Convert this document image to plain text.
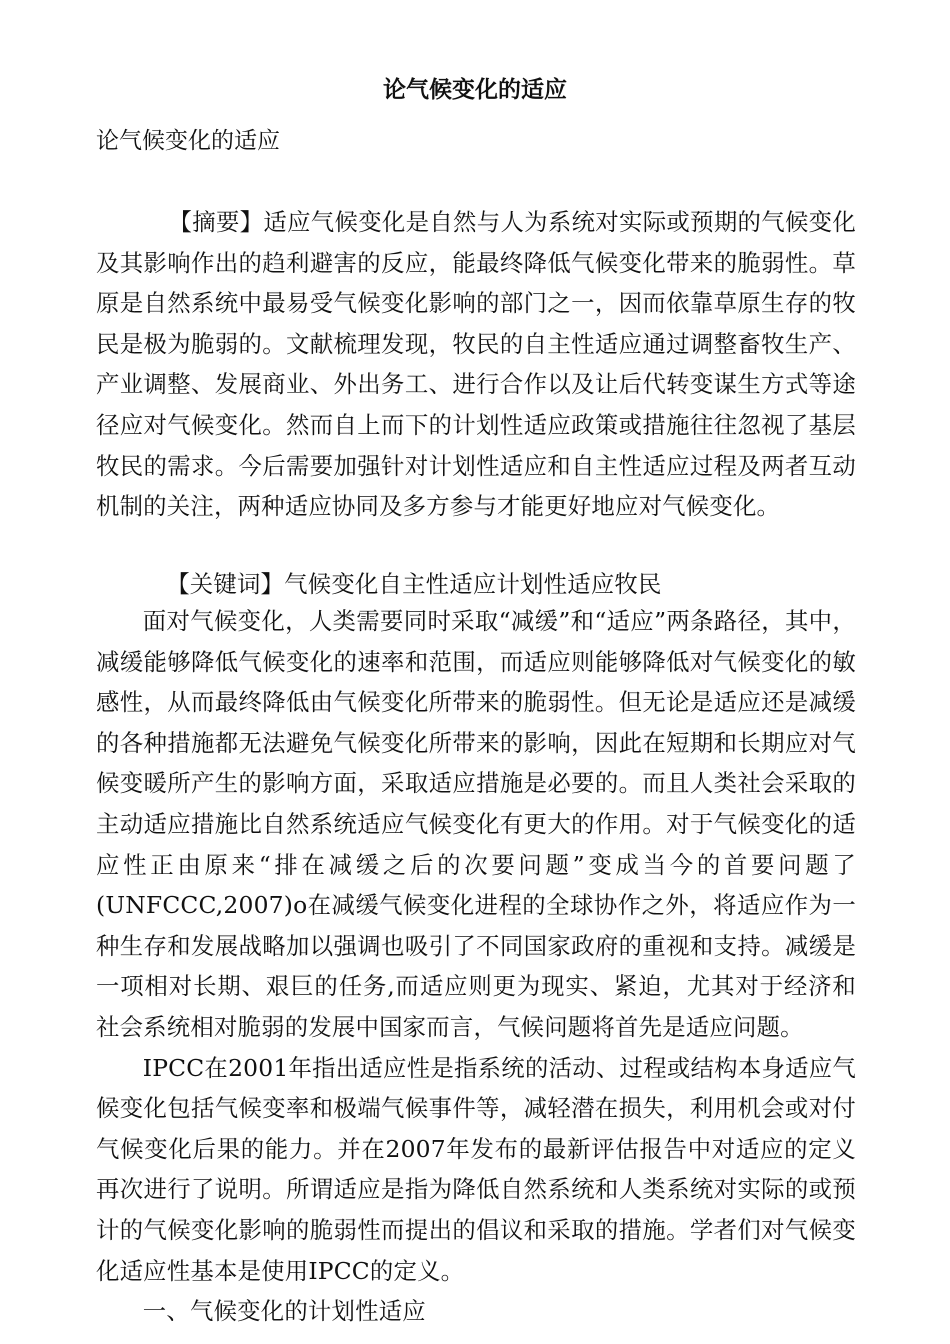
论气候变化的适应
论气候变化的适应

【摘要】适应气候变化是自然与人为系统对实际或预期的气候变化及其影响作出的趋利避害的反应，能最终降低气候变化带来的脆弱性。草原是自然系统中最易受气候变化影响的部门之一，因而依靠草原生存的牧民是极为脆弱的。文献梳理发现，牧民的自主性适应通过调整畜牧生产、产业调整、发展商业、外出务工、进行合作以及让后代转变谋生方式等途径应对气候变化。然而自上而下的计划性适应政策或措施往往忽视了基层牧民的需求。今后需要加强针对计划性适应和自主性适应过程及两者互动机制的关注，两种适应协同及多方参与才能更好地应对气候变化。

【关键词】气候变化自主性适应计划性适应牧民

面对气候变化，人类需要同时采取“减缓”和“适应”两条路径，其中，减缓能够降低气候变化的速率和范围，而适应则能够降低对气候变化的敏感性，从而最终降低由气候变化所带来的脆弱性。但无论是适应还是减缓的各种措施都无法避免气候变化所带来的影响，因此在短期和长期应对气候变暖所产生的影响方面，采取适应措施是必要的。而且人类社会采取的主动适应措施比自然系统适应气候变化有更大的作用。对于气候变化的适应性正由原来“排在减缓之后的次要问题”变成当今的首要问题了(UNFCCC,2007)o在减缓气候变化进程的全球协作之外，将适应作为一种生存和发展战略加以强调也吸引了不同国家政府的重视和支持。减缓是一项相对长期、艰巨的任务,而适应则更为现实、紧迫，尤其对于经济和社会系统相对脆弱的发展中国家而言，气候问题将首先是适应问题。

IPCC在2001年指出适应性是指系统的活动、过程或结构本身适应气候变化包括气候变率和极端气候事件等，减轻潜在损失，利用机会或对付气候变化后果的能力。并在2007年发布的最新评估报告中对适应的定义再次进行了说明。所谓适应是指为降低自然系统和人类系统对实际的或预计的气候变化影响的脆弱性而提出的倡议和采取的措施。学者们对气候变化适应性基本是使用IPCC的定义。

一、气候变化的计划性适应
